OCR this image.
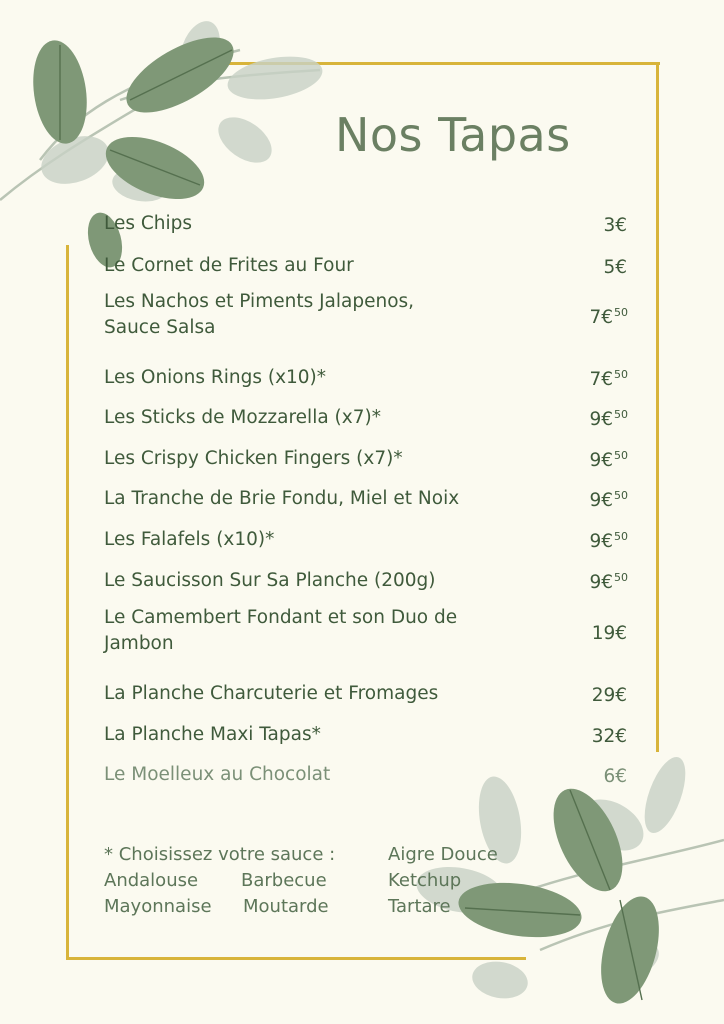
Nos Tapas
Les Chips	3€
Le Cornet de Frites au Four	5€
Les Nachos et Piments Jalapenos,
Sauce Salsa	7€$^{50}$
Les Onions Rings (x10)*	7€$^{50}$
Les Sticks de Mozzarella (x7)*	9€$^{50}$
Les Crispy Chicken Fingers (x7)*	9€$^{50}$
La Tranche de Brie Fondu, Miel et Noix	9€$^{50}$
Les Falafels (x10)*	9€$^{50}$
Le Saucisson Sur Sa Planche (200g)	9€$^{50}$
Le Camembert Fondant et son Duo de
Jambon	19€
La Planche Charcuterie et Fromages	29€
La Planche Maxi Tapas*	32€
Le Moelleux au Chocolat	6€
* Choisissez votre sauce :	Aigre Douce
Andalouse Barbecue	Ketchup
Mayonnaise Moutarde	Tartare
